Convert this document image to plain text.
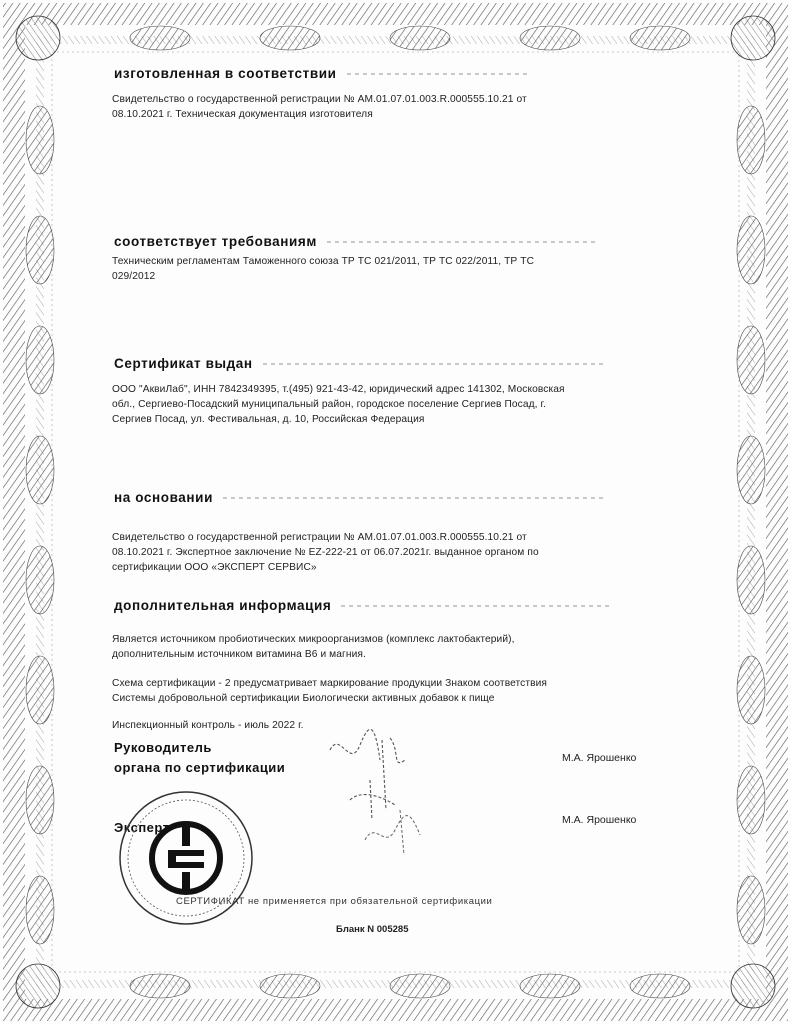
изготовленная в соответствии

Свидетельство о государственной регистрации № АМ.01.07.01.003.R.000555.10.21 от

08.10.2021 г. Техническая документация изготовителя

соответствует требованиям

Техническим регламентам Таможенного союза ТР ТС 021/2011, ТР ТС 022/2011, ТР ТС

029/2012

Сертификат выдан

ООО "АквиЛаб", ИНН 7842349395, т.(495) 921-43-42, юридический адрес 141302, Московская

обл., Сергиево-Посадский муниципальный район, городское поселение Сергиев Посад, г.

Сергиев Посад, ул. Фестивальная, д. 10, Российская Федерация

на основании

Свидетельство о государственной регистрации № АМ.01.07.01.003.R.000555.10.21 от

08.10.2021 г. Экспертное заключение № EZ-222-21 от 06.07.2021г. выданное органом по

сертификации ООО «ЭКСПЕРТ СЕРВИС»

дополнительная информация

Является источником пробиотических микроорганизмов (комплекс лактобактерий),

дополнительным источником витамина В6 и магния.

Схема сертификации - 2 предусматривает маркирование продукции Знаком соответствия

Системы добровольной сертификации Биологически активных добавок к пище

Инспекционный контроль - июль 2022 г.

Руководитель
органа по сертификации
М.А. Ярошенко
Эксперт	М.А. Ярошенко
СЕРТИФИКАТ не применяется при обязательной сертификации
Бланк N 005285
